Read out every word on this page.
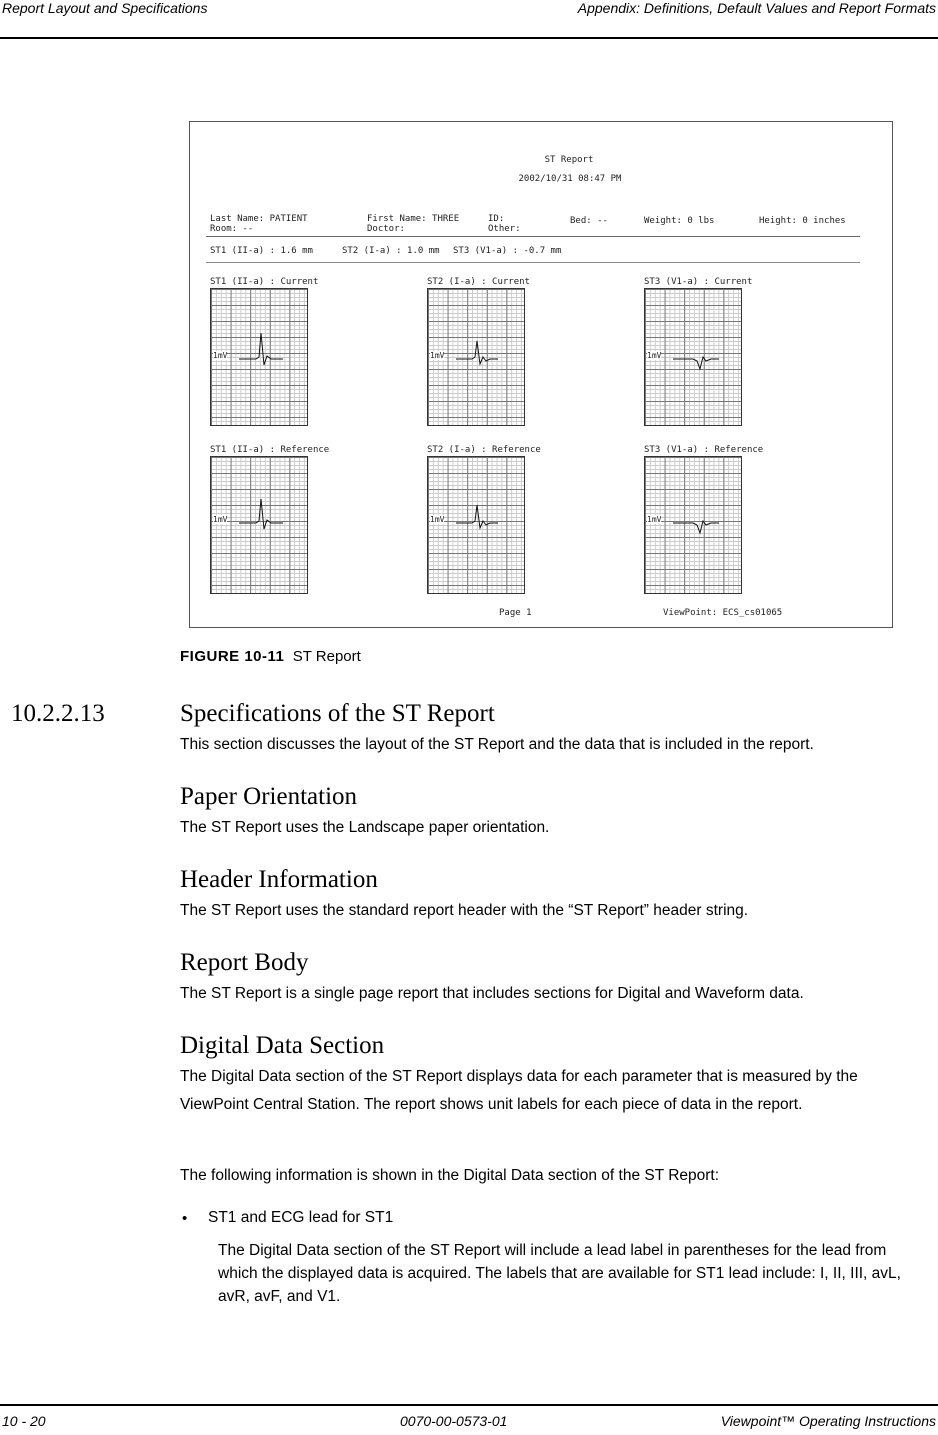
Report Layout and Specifications	Appendix: Definitions, Default Values and Report Formats
ST Report
2002/10/31 08:47 PM
Last Name: PATIENT
Room: --
First Name: THREE
Doctor:
ID:
Other:
Bed: --	Weight: 0 lbs	Height: 0 inches
ST1 (II-a) : 1.6 mm	ST2 (I-a) : 1.0 mm ST3 (V1-a) : -0.7 mm
ST1 (II-a) : Current
1mV
ST2 (I-a) : Current
1mV
ST3 (V1-a) : Current
1mV
ST1 (II-a) : Reference
1mV
ST2 (I-a) : Reference
1mV
ST3 (V1-a) : Reference
1mV
Page 1	ViewPoint: ECS_cs01065
FIGURE 10-11 ST Report
10.2.2.13	Specifications of the ST Report
This section discusses the layout of the ST Report and the data that is included in the report.
Paper Orientation
The ST Report uses the Landscape paper orientation.
Header Information
The ST Report uses the standard report header with the “ST Report” header string.
Report Body
The ST Report is a single page report that includes sections for Digital and Waveform data.
Digital Data Section
The Digital Data section of the ST Report displays data for each parameter that is measured by the ViewPoint Central Station. The report shows unit labels for each piece of data in the report.
The following information is shown in the Digital Data section of the ST Report:
• ST1 and ECG lead for ST1
The Digital Data section of the ST Report will include a lead label in parentheses for the lead from which the displayed data is acquired. The labels that are available for ST1 lead include: I, II, III, avL, avR, avF, and V1.
10 - 20	0070-00-0573-01	Viewpoint™ Operating Instructions
